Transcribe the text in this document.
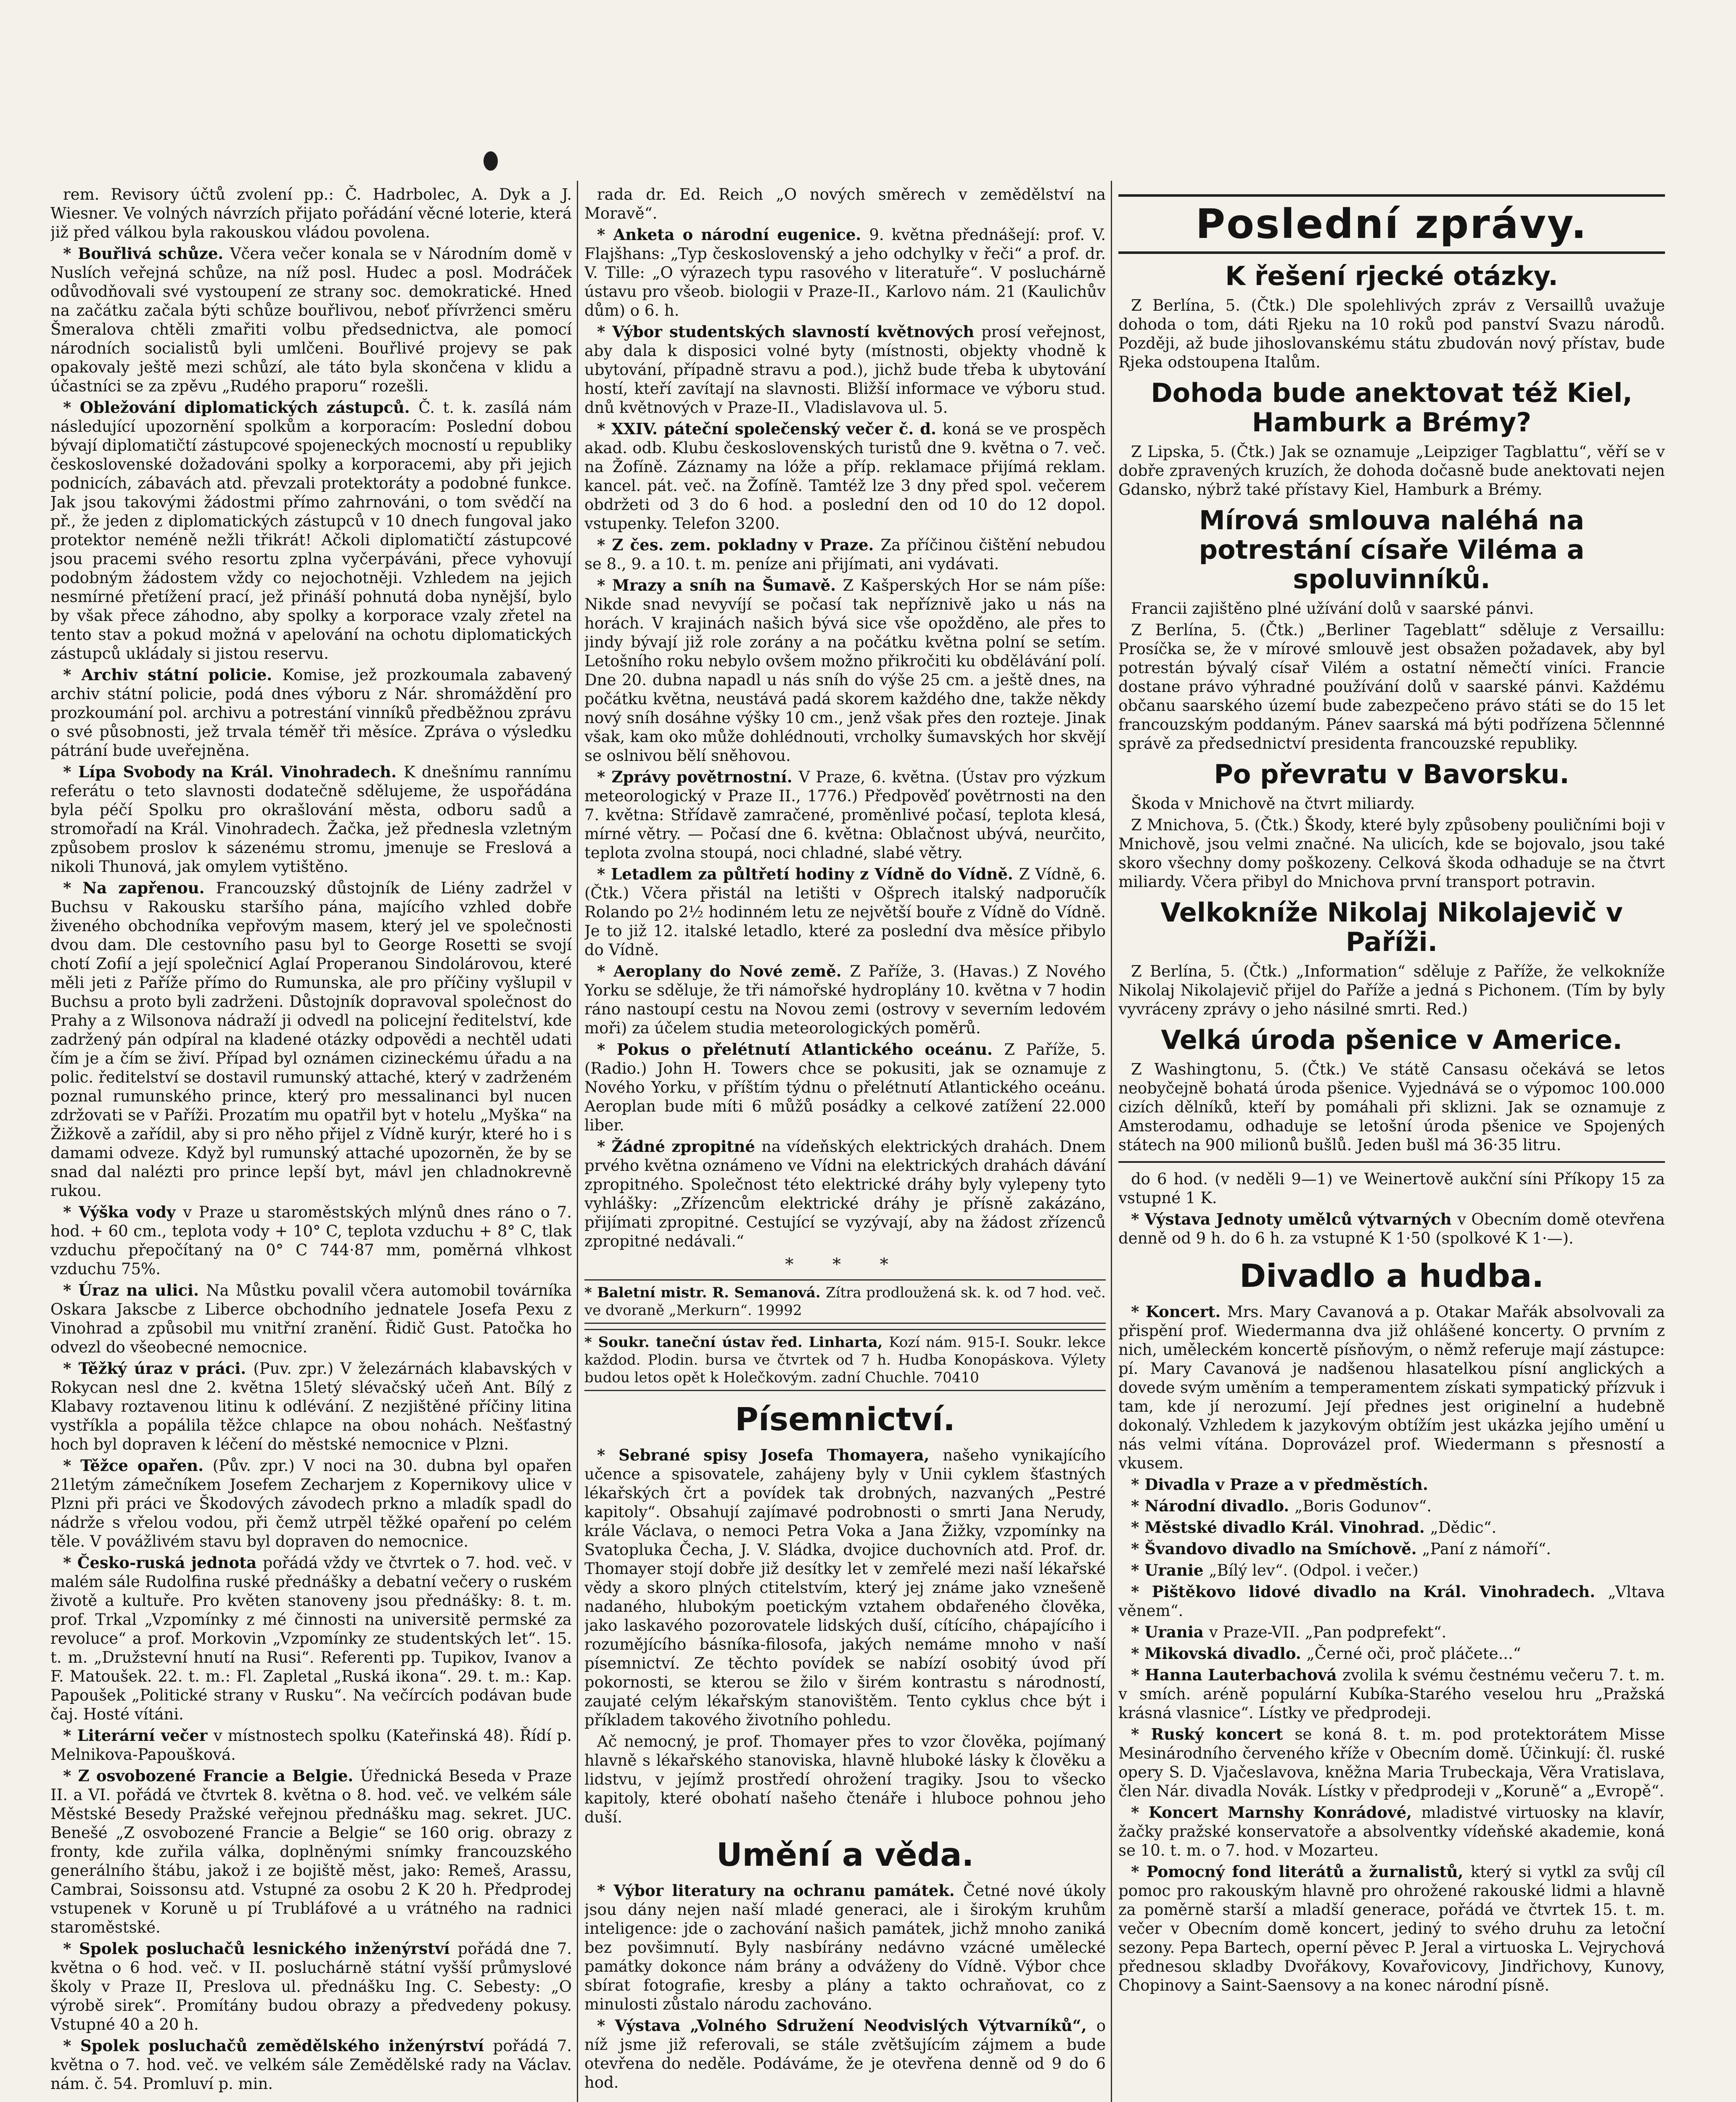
rem. Revisory účtů zvolení pp.: Č. Hadrbolec, A. Dyk a J. Wiesner. Ve volných návrzích přijato pořádání věcné loterie, která již před válkou byla rakouskou vládou povolena.

* Bouřlivá schůze. Včera večer konala se v Národním domě v Nuslích veřejná schůze, na níž posl. Hudec a posl. Modráček odůvodňovali své vystoupení ze strany soc. demokratické. Hned na začátku začala býti schůze bouřlivou, neboť přívrženci směru Šmeralova chtěli zmařiti volbu předsednictva, ale pomocí národních socialistů byli umlčeni. Bouřlivé projevy se pak opakovaly ještě mezi schůzí, ale táto byla skončena v klidu a účastníci se za zpěvu „Rudého praporu“ rozešli.

* Obležování diplomatických zástupců. Č. t. k. zasílá nám následující upozornění spolkům a korporacím: Poslední dobou bývají diplomatičtí zástupcové spojeneckých mocností u republiky československé dožadováni spolky a korporacemi, aby při jejich podnicích, zábavách atd. převzali protektoráty a podobné funkce. Jak jsou takovými žádostmi přímo zahrnováni, o tom svědčí na př., že jeden z diplomatických zástupců v 10 dnech fungoval jako protektor neméně nežli třikrát! Ačkoli diplomatičtí zástupcové jsou pracemi svého resortu zplna vyčerpáváni, přece vyhovují podobným žádostem vždy co nejochotněji. Vzhledem na jejich nesmírné přetížení prací, jež přináší pohnutá doba nynější, bylo by však přece záhodno, aby spolky a korporace vzaly zřetel na tento stav a pokud možná v apelování na ochotu diplomatických zástupců ukládaly si jistou reservu.

* Archiv státní policie. Komise, jež prozkoumala zabavený archiv státní policie, podá dnes výboru z Nár. shromáždění pro prozkoumání pol. archivu a potrestání vinníků předběžnou zprávu o své působnosti, jež trvala téměř tři měsíce. Zpráva o výsledku pátrání bude uveřejněna.

* Lípa Svobody na Král. Vinohradech. K dnešnímu rannímu referátu o teto slavnosti dodatečně sdělujeme, že uspořádána byla péčí Spolku pro okrašlování města, odboru sadů a stromořadí na Král. Vinohradech. Žačka, jež přednesla vzletným způsobem proslov k sázenému stromu, jmenuje se Freslová a nikoli Thunová, jak omylem vytištěno.

* Na zapřenou. Francouzský důstojník de Liény zadržel v Buchsu v Rakousku staršího pána, majícího vzhled dobře živeného obchodníka vepřovým masem, který jel ve společnosti dvou dam. Dle cestovního pasu byl to George Rosetti se svojí chotí Zofií a její společnicí Aglaí Properanou Sindolárovou, které měli jeti z Paříže přímo do Rumunska, ale pro příčiny vyšlupil v Buchsu a proto byli zadrženi. Důstojník dopravoval společnost do Prahy a z Wilsonova nádraží ji odvedl na policejní ředitelství, kde zadržený pán odpíral na kladené otázky odpovědi a nechtěl udati čím je a čím se živí. Případ byl oznámen cizineckému úřadu a na polic. ředitelství se dostavil rumunský attaché, který v zadrženém poznal rumunského prince, který pro messalinanci byl nucen zdržovati se v Paříži. Prozatím mu opatřil byt v hotelu „Myška“ na Žižkově a zařídil, aby si pro něho přijel z Vídně kurýr, které ho i s damami odveze. Když byl rumunský attaché upozorněn, že by se snad dal nalézti pro prince lepší byt, mávl jen chladnokrevně rukou.

* Výška vody v Praze u staroměstských mlýnů dnes ráno o 7. hod. + 60 cm., teplota vody + 10° C, teplota vzduchu + 8° C, tlak vzduchu přepočítaný na 0° C 744·87 mm, poměrná vlhkost vzduchu 75%.

* Úraz na ulici. Na Můstku povalil včera automobil továrníka Oskara Jakscbe z Liberce obchodního jednatele Josefa Pexu z Vinohrad a způsobil mu vnitřní zranění. Řidič Gust. Patočka ho odvezl do všeobecné nemocnice.

* Těžký úraz v práci. (Puv. zpr.) V železárnách klabavských v Rokycan nesl dne 2. května 15letý slévačský učeň Ant. Bílý z Klabavy roztavenou litinu k odlévání. Z nezjištěné příčiny litina vystříkla a popálila těžce chlapce na obou nohách. Nešťastný hoch byl dopraven k léčení do městské nemocnice v Plzni.

* Těžce opařen. (Pův. zpr.) V noci na 30. dubna byl opařen 21letým zámečníkem Josefem Zecharjem z Kopernikovy ulice v Plzni při práci ve Škodových závodech prkno a mladík spadl do nádrže s vřelou vodou, při čemž utrpěl těžké opaření po celém těle. V povážlivém stavu byl dopraven do nemocnice.

* Česko-ruská jednota pořádá vždy ve čtvrtek o 7. hod. več. v malém sále Rudolfina ruské přednášky a debatní večery o ruském životě a kultuře. Pro květen stanoveny jsou přednášky: 8. t. m. prof. Trkal „Vzpomínky z mé činnosti na universitě permské za revoluce“ a prof. Morkovin „Vzpomínky ze studentských let“. 15. t. m. „Družstevní hnutí na Rusi“. Referenti pp. Tupikov, Ivanov a F. Matoušek. 22. t. m.: Fl. Zapletal „Ruská ikona“. 29. t. m.: Kap. Papoušek „Politické strany v Rusku“. Na večírcích podávan bude čaj. Hosté vítáni.

* Literární večer v místnostech spolku (Kateřinská 48). Řídí p. Melnikova-Papoušková.

* Z osvobozené Francie a Belgie. Úřednická Beseda v Praze II. a VI. pořádá ve čtvrtek 8. května o 8. hod. več. ve velkém sále Městské Besedy Pražské veřejnou přednášku mag. sekret. JUC. Benešé „Z osvobozené Francie a Belgie“ se 160 orig. obrazy z fronty, kde zuřila válka, doplněnými snímky francouzského generálního štábu, jakož i ze bojiště měst, jako: Remeš, Arassu, Cambrai, Soissonsu atd. Vstupné za osobu 2 K 20 h. Předprodej vstupenek v Koruně u pí Trubláfové a u vrátného na radnici staroměstské.

* Spolek posluchačů lesnického inženýrství pořádá dne 7. května o 6 hod. več. v II. posluchárně státní vyšší průmyslové školy v Praze II, Preslova ul. přednášku Ing. C. Sebesty: „O výrobě sirek“. Promítány budou obrazy a předvedeny pokusy. Vstupné 40 a 20 h.

* Spolek posluchačů zemědělského inženýrství pořádá 7. května o 7. hod. več. ve velkém sále Zemědělské rady na Václav. nám. č. 54. Promluví p. min.

rada dr. Ed. Reich „O nových směrech v zemědělství na Moravě“.

* Anketa o národní eugenice. 9. května přednášejí: prof. V. Flajšhans: „Typ československý a jeho odchylky v řeči“ a prof. dr. V. Tille: „O výrazech typu rasového v literatuře“. V posluchárně ústavu pro všeob. biologii v Praze-II., Karlovo nám. 21 (Kaulichův dům) o 6. h.

* Výbor studentských slavností květnových prosí veřejnost, aby dala k disposici volné byty (místnosti, objekty vhodně k ubytování, případně stravu a pod.), jichž bude třeba k ubytování hostí, kteří zavítají na slavnosti. Bližší informace ve výboru stud. dnů květnových v Praze-II., Vladislavova ul. 5.

* XXIV. páteční společenský večer č. d. koná se ve prospěch akad. odb. Klubu československých turistů dne 9. května o 7. več. na Žofíně. Záznamy na lóže a příp. reklamace přijímá reklam. kancel. pát. več. na Žofíně. Tamtéž lze 3 dny před spol. večerem obdržeti od 3 do 6 hod. a poslední den od 10 do 12 dopol. vstupenky. Telefon 3200.

* Z čes. zem. pokladny v Praze. Za příčinou čištění nebudou se 8., 9. a 10. t. m. peníze ani přijímati, ani vydávati.

* Mrazy a sníh na Šumavě. Z Kašperských Hor se nám píše: Nikde snad nevyvíjí se počasí tak nepříznivě jako u nás na horách. V krajinách našich bývá sice vše opožděno, ale přes to jindy bývají již role zorány a na počátku května polní se setím. Letošního roku nebylo ovšem možno přikročiti ku obdělávání polí. Dne 20. dubna napadl u nás sníh do výše 25 cm. a ještě dnes, na počátku května, neustává padá skorem každého dne, takže někdy nový sníh dosáhne výšky 10 cm., jenž však přes den rozteje. Jinak však, kam oko může dohlédnouti, vrcholky šumavských hor skvějí se oslnivou bělí sněhovou.

* Zprávy povětrnostní. V Praze, 6. května. (Ústav pro výzkum meteorologický v Praze II., 1776.) Předpověď povětrnosti na den 7. května: Střídavě zamračené, proměnlivé počasí, teplota klesá, mírné větry. — Počasí dne 6. května: Oblačnost ubývá, neurčito, teplota zvolna stoupá, noci chladné, slabé větry.

* Letadlem za půltřetí hodiny z Vídně do Vídně. Z Vídně, 6. (Čtk.) Včera přistál na letišti v Ošprech italský nadporučík Rolando po 2½ hodinném letu ze největší bouře z Vídně do Vídně. Je to již 12. italské letadlo, které za poslední dva měsíce přibylo do Vídně.

* Aeroplany do Nové země. Z Paříže, 3. (Havas.) Z Nového Yorku se sděluje, že tři námořské hydroplány 10. května v 7 hodin ráno nastoupí cestu na Novou zemi (ostrovy v severním ledovém moři) za účelem studia meteorologických poměrů.

* Pokus o přelétnutí Atlantického oceánu. Z Paříže, 5. (Radio.) John H. Towers chce se pokusiti, jak se oznamuje z Nového Yorku, v příštím týdnu o přelétnutí Atlantického oceánu. Aeroplan bude míti 6 můžů posádky a celkové zatížení 22.000 liber.

* Žádné zpropitné na vídeňských elektrických drahách. Dnem prvého května oznámeno ve Vídni na elektrických drahách dávání zpropitného. Společnost této elektrické dráhy byly vylepeny tyto vyhlášky: „Zřízencům elektrické dráhy je přísně zakázáno, přijímati zpropitné. Cestující se vyzývají, aby na žádost zřízenců zpropitné nedávali.“

* * *

* Baletní mistr. R. Semanová. Zítra prodloužená sk. k. od 7 hod. več. ve dvoraně „Merkurn“. 19992

* Soukr. taneční ústav řed. Linharta, Kozí nám. 915-I. Soukr. lekce každod. Plodin. bursa ve čtvrtek od 7 h. Hudba Konopáskova. Výlety budou letos opět k Holečkovým. zadní Chuchle. 70410

Písemnictví.

* Sebrané spisy Josefa Thomayera, našeho vynikajícího učence a spisovatele, zahájeny byly v Unii cyklem šťastných lékařských črt a povídek tak drobných, nazvaných „Pestré kapitoly“. Obsahují zajímavé podrobnosti o smrti Jana Nerudy, krále Václava, o nemoci Petra Voka a Jana Žižky, vzpomínky na Svatopluka Čecha, J. V. Sládka, dvojice duchovních atd. Prof. dr. Thomayer stojí dobře již desítky let v zemřelé mezi naší lékařské vědy a skoro plných ctitelstvím, který jej známe jako vznešeně nadaného, hlubokým poetickým vztahem obdařeného člověka, jako laskavého pozorovatele lidských duší, cítícího, chápajícího i rozumějícího básníka-filosofa, jakých nemáme mnoho v naší písemnictví. Ze těchto povídek se nabízí osobitý úvod pří pokornosti, se kterou se žilo v širém kontrastu s národností, zaujaté celým lékařským stanovištěm. Tento cyklus chce být i příkladem takového životního pohledu.

Ač nemocný, je prof. Thomayer přes to vzor člověka, pojímaný hlavně s lékařského stanoviska, hlavně hluboké lásky k člověku a lidstvu, v jejímž prostředí ohrožení tragiky. Jsou to všecko kapitoly, které obohatí našeho čtenáře i hluboce pohnou jeho duší.

Umění a věda.

* Výbor literatury na ochranu památek. Četné nové úkoly jsou dány nejen naší mladé generaci, ale i širokým kruhům inteligence: jde o zachování našich památek, jichž mnoho zaniká bez povšimnutí. Byly nasbírány nedávno vzácné umělecké památky dokonce nám brány a odváženy do Vídně. Výbor chce sbírat fotografie, kresby a plány a takto ochraňovat, co z minulosti zůstalo národu zachováno.

* Výstava „Volného Sdružení Neodvislých Výtvarníků“, o níž jsme již referovali, se stále zvětšujícím zájmem a bude otevřena do neděle. Podáváme, že je otevřena denně od 9 do 6 hod.

Poslední zprávy.
K řešení rjecké otázky.

Z Berlína, 5. (Čtk.) Dle spolehlivých zpráv z Versaillů uvažuje dohoda o tom, dáti Rjeku na 10 roků pod panství Svazu národů. Později, až bude jihoslovanskému státu zbudován nový přístav, bude Rjeka odstoupena Italům.

Dohoda bude anektovat též Kiel, Hamburk a Brémy?

Z Lipska, 5. (Čtk.) Jak se oznamuje „Leipziger Tagblattu“, věří se v dobře zpravených kruzích, že dohoda dočasně bude anektovati nejen Gdansko, nýbrž také přístavy Kiel, Hamburk a Brémy.

Mírová smlouva naléhá na potrestání císaře Viléma a spoluvinníků.

Francii zajištěno plné užívání dolů v saarské pánvi.

Z Berlína, 5. (Čtk.) „Berliner Tageblatt“ sděluje z Versaillu: Prosíčka se, že v mírové smlouvě jest obsažen požadavek, aby byl potrestán bývalý císař Vilém a ostatní němečtí viníci. Francie dostane právo výhradné používání dolů v saarské pánvi. Každému občanu saarského území bude zabezpečeno právo státi se do 15 let francouzským poddaným. Pánev saarská má býti podřízena 5člennné správě za předsednictví presidenta francouzské republiky.

Po převratu v Bavorsku.

Škoda v Mnichově na čtvrt miliardy.

Z Mnichova, 5. (Čtk.) Škody, které byly způsobeny pouličními boji v Mnichově, jsou velmi značné. Na ulicích, kde se bojovalo, jsou také skoro všechny domy poškozeny. Celková škoda odhaduje se na čtvrt miliardy. Včera přibyl do Mnichova první transport potravin.

Velkokníže Nikolaj Nikolajevič v Paříži.

Z Berlína, 5. (Čtk.) „Information“ sděluje z Paříže, že velkokníže Nikolaj Nikolajevič přijel do Paříže a jedná s Pichonem. (Tím by byly vyvráceny zprávy o jeho násilné smrti. Red.)

Velká úroda pšenice v Americe.

Z Washingtonu, 5. (Čtk.) Ve státě Cansasu očekává se letos neobyčejně bohatá úroda pšenice. Vyjednává se o výpomoc 100.000 cizích dělníků, kteří by pomáhali při sklizni. Jak se oznamuje z Amsterodamu, odhaduje se letošní úroda pšenice ve Spojených státech na 900 milionů bušlů. Jeden bušl má 36·35 litru.

do 6 hod. (v neděli 9—1) ve Weinertově aukční síni Příkopy 15 za vstupné 1 K.

* Výstava Jednoty umělců výtvarných v Obecním domě otevřena denně od 9 h. do 6 h. za vstupné K 1·50 (spolkové K 1·—).

Divadlo a hudba.

* Koncert. Mrs. Mary Cavanová a p. Otakar Mařák absolvovali za přispění prof. Wiedermanna dva již ohlášené koncerty. O prvním z nich, uměleckém koncertě písňovým, o němž referuje mají zástupce: pí. Mary Cavanová je nadšenou hlasatelkou písní anglických a dovede svým uměním a temperamentem získati sympatický přízvuk i tam, kde jí nerozumí. Její přednes jest originelní a hudebně dokonalý. Vzhledem k jazykovým obtížím jest ukázka jejího umění u nás velmi vítána. Doprovázel prof. Wiedermann s přesností a vkusem.

* Divadla v Praze a v předměstích.

* Národní divadlo. „Boris Godunov“.

* Městské divadlo Král. Vinohrad. „Dědic“.

* Švandovo divadlo na Smíchově. „Paní z námoří“.

* Uranie „Bílý lev“. (Odpol. i večer.)

* Pištěkovo lidové divadlo na Král. Vinohradech. „Vltava věnem“.

* Urania v Praze-VII. „Pan podprefekt“.

* Mikovská divadlo. „Černé oči, proč pláčete...“

* Hanna Lauterbachová zvolila k svému čestnému večeru 7. t. m. v smích. aréně populární Kubíka-Starého veselou hru „Pražská krásná vlasnice“. Lístky ve předprodeji.

* Ruský koncert se koná 8. t. m. pod protektorátem Misse Mesinárodního červeného kříže v Obecním domě. Účinkují: čl. ruské opery S. D. Vjačeslavova, kněžna Maria Trubeckaja, Věra Vratislava, člen Nár. divadla Novák. Lístky v předprodeji v „Koruně“ a „Evropě“.

* Koncert Marnshy Konrádové, mladistvé virtuosky na klavír, žačky pražské konservatoře a absolventky vídeňské akademie, koná se 10. t. m. o 7. hod. v Mozarteu.

* Pomocný fond literátů a žurnalistů, který si vytkl za svůj cíl pomoc pro rakouským hlavně pro ohrožené rakouské lidmi a hlavně za poměrně starší a mladší generace, pořádá ve čtvrtek 15. t. m. večer v Obecním domě koncert, jediný to svého druhu za letoční sezony. Pepa Bartech, operní pěvec P. Jeral a virtuoska L. Vejrychová přednesou skladby Dvořákovy, Kovařovicovy, Jindřichovy, Kunovy, Chopinovy a Saint-Saensovy a na konec národní písně.
